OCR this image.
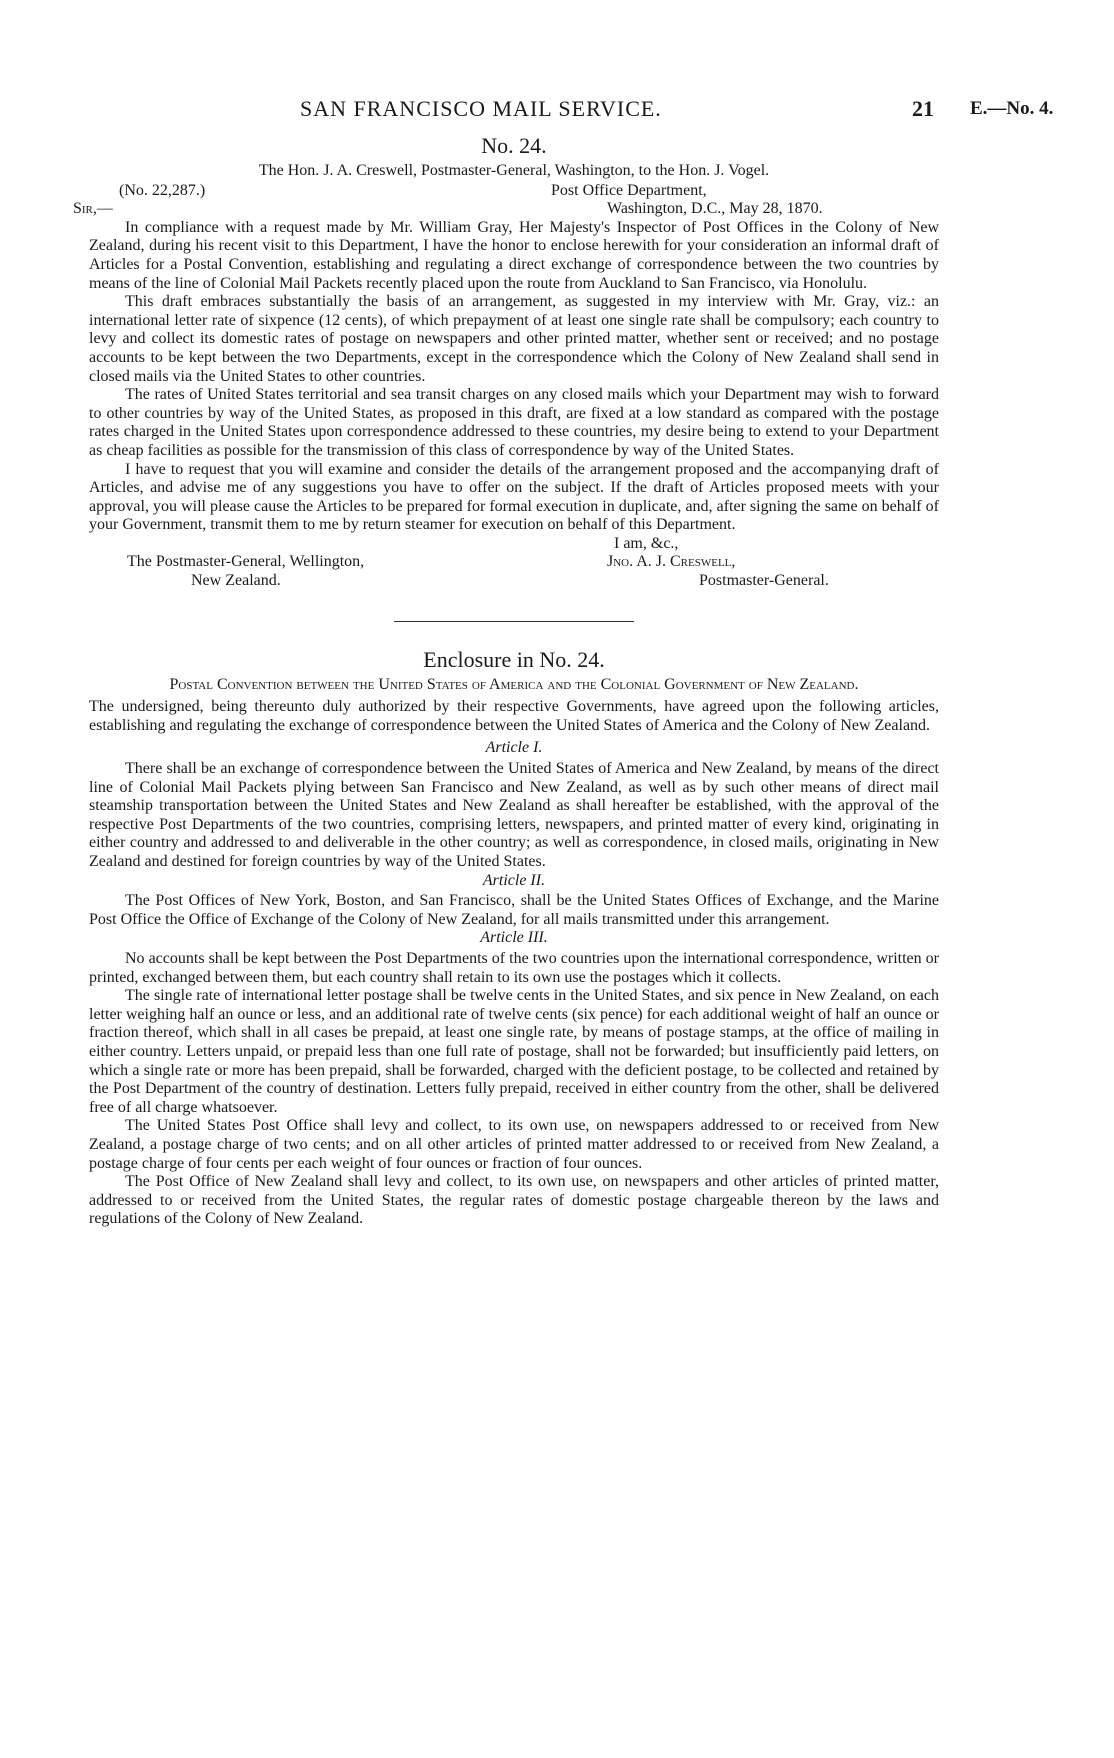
SAN FRANCISCO MAIL SERVICE.	21 E.—No. 4.
No. 24.
The Hon. J. A. Creswell, Postmaster-General, Washington, to the Hon. J. Vogel.
(No. 22,287.)	Post Office Department,
Sir,—	Washington, D.C., May 28, 1870.

In compliance with a request made by Mr. William Gray, Her Majesty's Inspector of Post Offices in the Colony of New Zealand, during his recent visit to this Department, I have the honor to enclose herewith for your consideration an informal draft of Articles for a Postal Convention, establishing and regulating a direct exchange of correspondence between the two countries by means of the line of Colonial Mail Packets recently placed upon the route from Auckland to San Francisco, via Honolulu.

This draft embraces substantially the basis of an arrangement, as suggested in my interview with Mr. Gray, viz.: an international letter rate of sixpence (12 cents), of which prepayment of at least one single rate shall be compulsory; each country to levy and collect its domestic rates of postage on newspapers and other printed matter, whether sent or received; and no postage accounts to be kept between the two Departments, except in the correspondence which the Colony of New Zealand shall send in closed mails via the United States to other countries.

The rates of United States territorial and sea transit charges on any closed mails which your Department may wish to forward to other countries by way of the United States, as proposed in this draft, are fixed at a low standard as compared with the postage rates charged in the United States upon correspondence addressed to these countries, my desire being to extend to your Department as cheap facilities as possible for the transmission of this class of correspondence by way of the United States.

I have to request that you will examine and consider the details of the arrangement proposed and the accompanying draft of Articles, and advise me of any suggestions you have to offer on the subject. If the draft of Articles proposed meets with your approval, you will please cause the Articles to be prepared for formal execution in duplicate, and, after signing the same on behalf of your Government, transmit them to me by return steamer for execution on behalf of this Department.

I am, &c.,
The Postmaster-General, Wellington,	Jno. A. J. Creswell,
New Zealand.	Postmaster-General.
Enclosure in No. 24.
Postal Convention between the United States of America and the Colonial Government of New Zealand.

The undersigned, being thereunto duly authorized by their respective Governments, have agreed upon the following articles, establishing and regulating the exchange of correspondence between the United States of America and the Colony of New Zealand.

Article I.

There shall be an exchange of correspondence between the United States of America and New Zealand, by means of the direct line of Colonial Mail Packets plying between San Francisco and New Zealand, as well as by such other means of direct mail steamship transportation between the United States and New Zealand as shall hereafter be established, with the approval of the respective Post Departments of the two countries, comprising letters, newspapers, and printed matter of every kind, originating in either country and addressed to and deliverable in the other country; as well as correspondence, in closed mails, originating in New Zealand and destined for foreign countries by way of the United States.

Article II.

The Post Offices of New York, Boston, and San Francisco, shall be the United States Offices of Exchange, and the Marine Post Office the Office of Exchange of the Colony of New Zealand, for all mails transmitted under this arrangement.

Article III.

No accounts shall be kept between the Post Departments of the two countries upon the international correspondence, written or printed, exchanged between them, but each country shall retain to its own use the postages which it collects.

The single rate of international letter postage shall be twelve cents in the United States, and six pence in New Zealand, on each letter weighing half an ounce or less, and an additional rate of twelve cents (six pence) for each additional weight of half an ounce or fraction thereof, which shall in all cases be prepaid, at least one single rate, by means of postage stamps, at the office of mailing in either country. Letters unpaid, or prepaid less than one full rate of postage, shall not be forwarded; but insufficiently paid letters, on which a single rate or more has been prepaid, shall be forwarded, charged with the deficient postage, to be collected and retained by the Post Department of the country of destination. Letters fully prepaid, received in either country from the other, shall be delivered free of all charge whatsoever.

The United States Post Office shall levy and collect, to its own use, on newspapers addressed to or received from New Zealand, a postage charge of two cents; and on all other articles of printed matter addressed to or received from New Zealand, a postage charge of four cents per each weight of four ounces or fraction of four ounces.

The Post Office of New Zealand shall levy and collect, to its own use, on newspapers and other articles of printed matter, addressed to or received from the United States, the regular rates of domestic postage chargeable thereon by the laws and regulations of the Colony of New Zealand.
